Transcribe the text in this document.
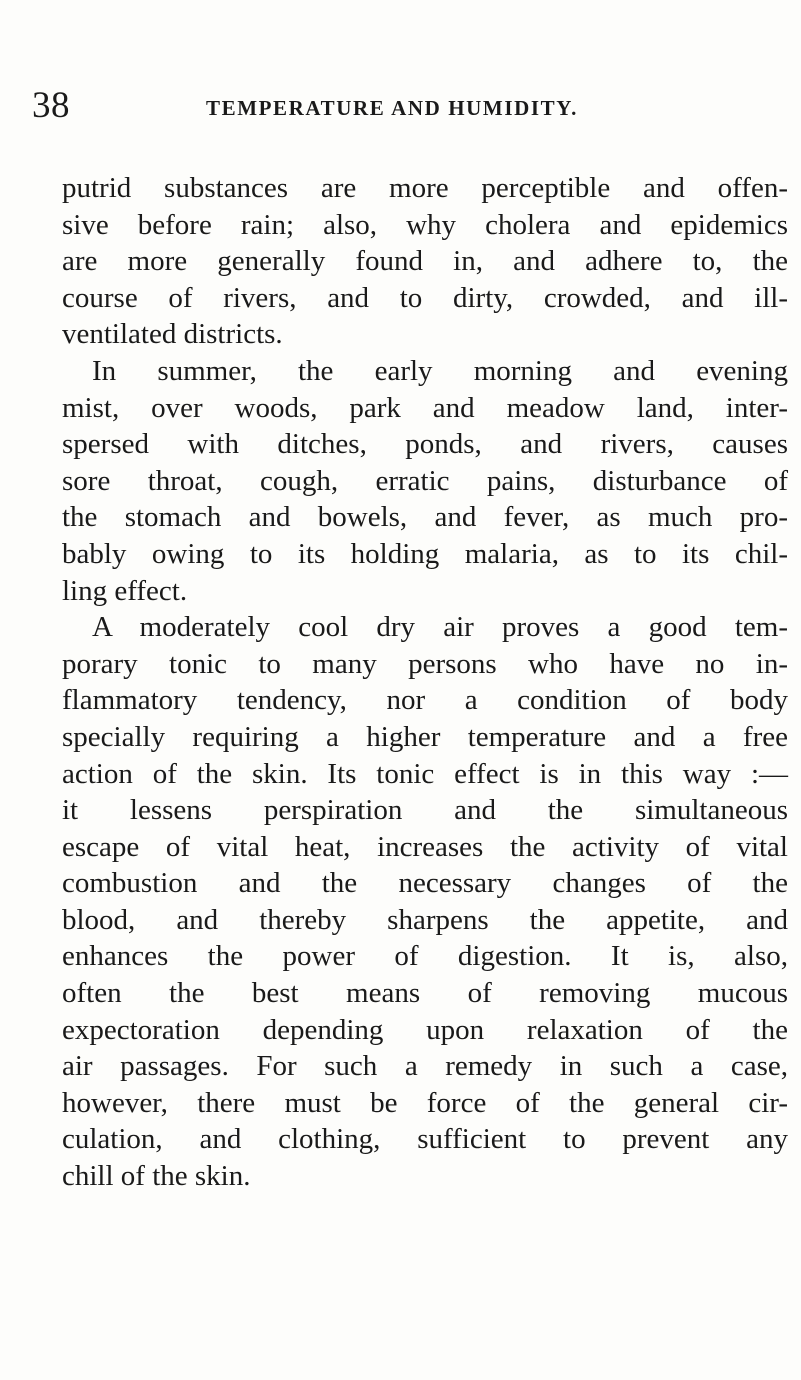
38	TEMPERATURE AND HUMIDITY.
putrid substances are more perceptible and offen-
sive before rain; also, why cholera and epidemics
are more generally found in, and adhere to, the
course of rivers, and to dirty, crowded, and ill-
ventilated districts.
In summer, the early morning and evening
mist, over woods, park and meadow land, inter-
spersed with ditches, ponds, and rivers, causes
sore throat, cough, erratic pains, disturbance of
the stomach and bowels, and fever, as much pro-
bably owing to its holding malaria, as to its chil-
ling effect.
A moderately cool dry air proves a good tem-
porary tonic to many persons who have no in-
flammatory tendency, nor a condition of body
specially requiring a higher temperature and a free
action of the skin. Its tonic effect is in this way :—
it lessens perspiration and the simultaneous
escape of vital heat, increases the activity of vital
combustion and the necessary changes of the
blood, and thereby sharpens the appetite, and
enhances the power of digestion. It is, also,
often the best means of removing mucous
expectoration depending upon relaxation of the
air passages. For such a remedy in such a case,
however, there must be force of the general cir-
culation, and clothing, sufficient to prevent any
chill of the skin.
